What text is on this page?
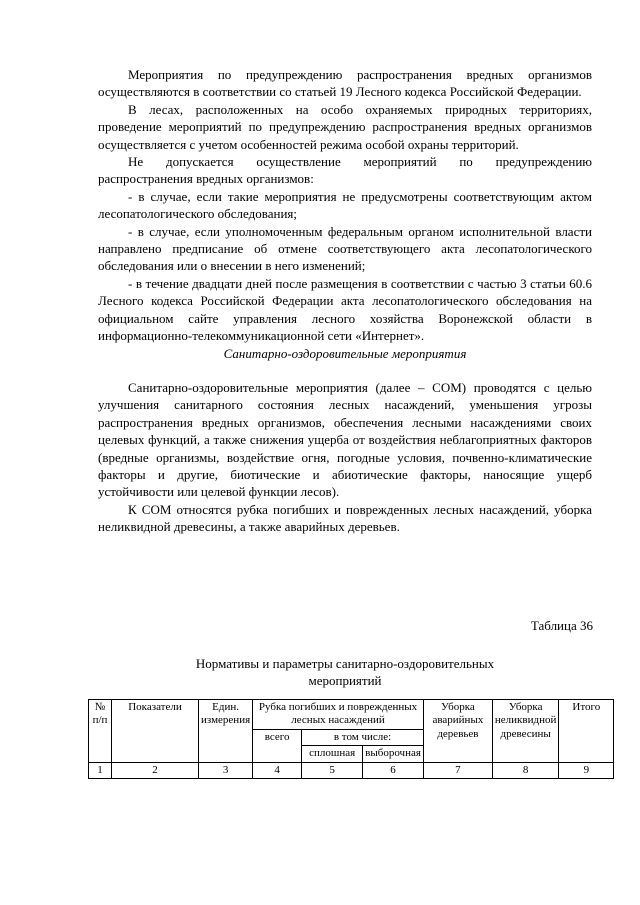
Мероприятия по предупреждению распространения вредных организмов осуществляются в соответствии со статьей 19 Лесного кодекса Российской Федерации.

В лесах, расположенных на особо охраняемых природных территориях, проведение мероприятий по предупреждению распространения вредных организмов осуществляется с учетом особенностей режима особой охраны территорий.

Не допускается осуществление мероприятий по предупреждению распространения вредных организмов:

- в случае, если такие мероприятия не предусмотрены соответствующим актом лесопатологического обследования;

- в случае, если уполномоченным федеральным органом исполнительной власти направлено предписание об отмене соответствующего акта лесопатологического обследования или о внесении в него изменений;

- в течение двадцати дней после размещения в соответствии с частью 3 статьи 60.6 Лесного кодекса Российской Федерации акта лесопатологического обследования на официальном сайте управления лесного хозяйства Воронежской области в информационно-телекоммуникационной сети «Интернет».

Санитарно-оздоровительные мероприятия

Санитарно-оздоровительные мероприятия (далее – СОМ) проводятся с целью улучшения санитарного состояния лесных насаждений, уменьшения угрозы распространения вредных организмов, обеспечения лесными насаждениями своих целевых функций, а также снижения ущерба от воздействия неблагоприятных факторов (вредные организмы, воздействие огня, погодные условия, почвенно-климатические факторы и другие, биотические и абиотические факторы, наносящие ущерб устойчивости или целевой функции лесов).

К СОМ относятся рубка погибших и поврежденных лесных насаждений, уборка неликвидной древесины, а также аварийных деревьев.

Таблица 36
Нормативы и параметры санитарно-оздоровительных
мероприятий
№ п/п	Показатели	Един. измерения	Рубка погибших и поврежденных лесных насаждений			Уборка аварийных деревьев	Уборка неликвидной древесины	Итого
			всего	в том числе:				
				сплошная	выборочная			
1	2	3	4	5	6	7	8	9
